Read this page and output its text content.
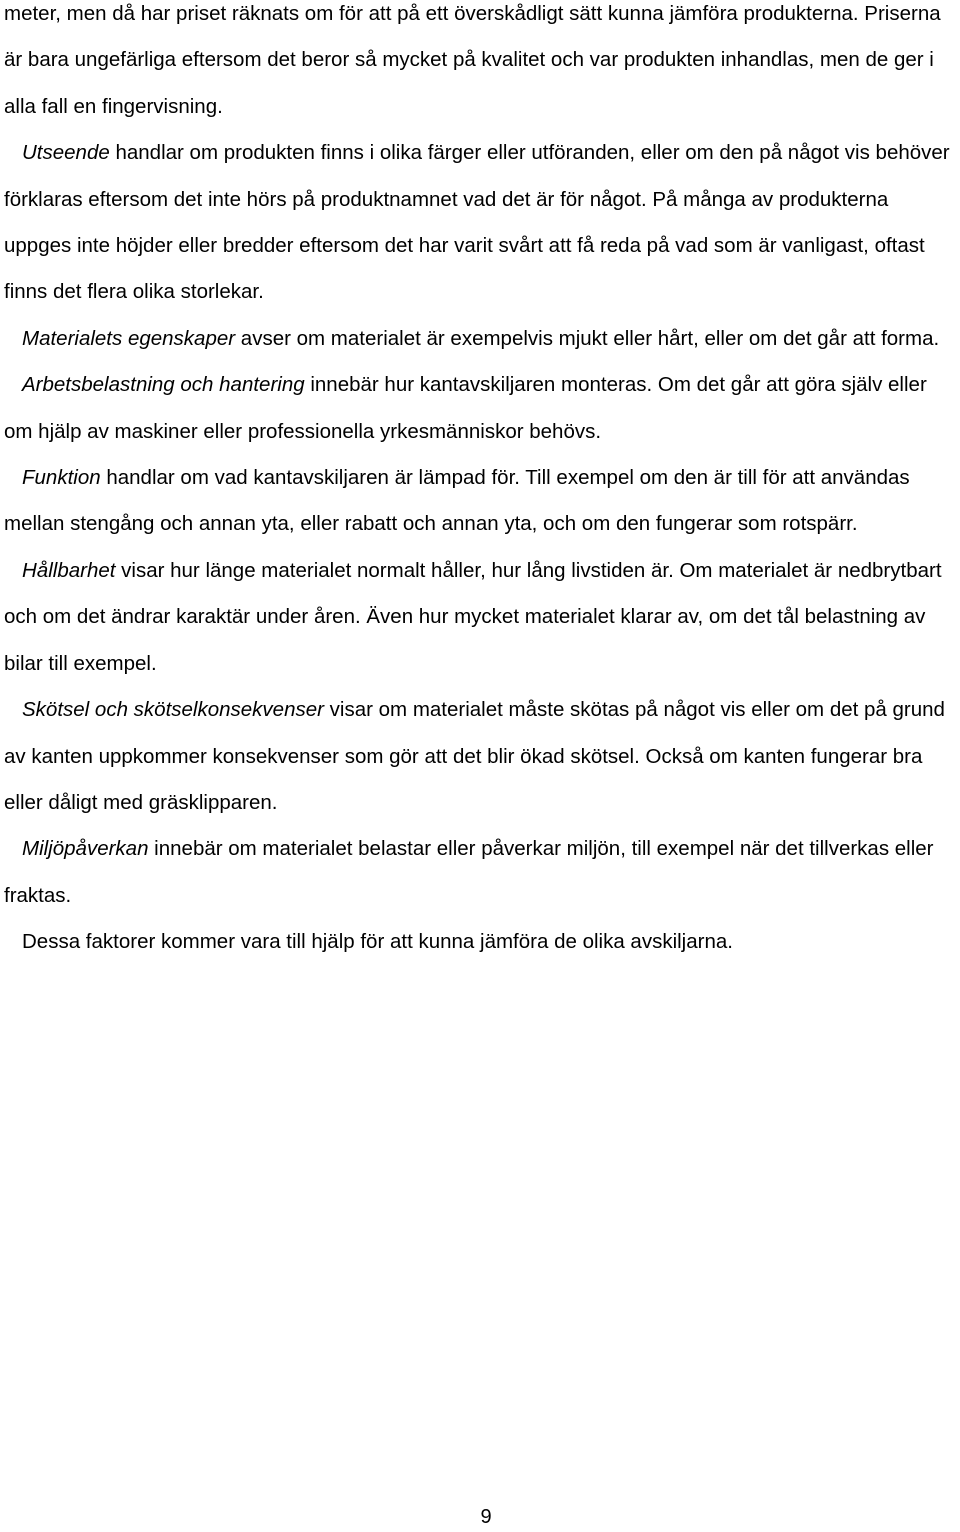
meter, men då har priset räknats om för att på ett överskådligt sätt kunna jämföra produkterna. Priserna är bara ungefärliga eftersom det beror så mycket på kvalitet och var produkten inhandlas, men de ger i alla fall en fingervisning.

Utseende handlar om produkten finns i olika färger eller utföranden, eller om den på något vis behöver förklaras eftersom det inte hörs på produktnamnet vad det är för något. På många av produkterna uppges inte höjder eller bredder eftersom det har varit svårt att få reda på vad som är vanligast, oftast finns det flera olika storlekar.

Materialets egenskaper avser om materialet är exempelvis mjukt eller hårt, eller om det går att forma.

Arbetsbelastning och hantering innebär hur kantavskiljaren monteras. Om det går att göra själv eller om hjälp av maskiner eller professionella yrkesmänniskor behövs.

Funktion handlar om vad kantavskiljaren är lämpad för. Till exempel om den är till för att användas mellan stengång och annan yta, eller rabatt och annan yta, och om den fungerar som rotspärr.

Hållbarhet visar hur länge materialet normalt håller, hur lång livstiden är. Om materialet är nedbrytbart och om det ändrar karaktär under åren. Även hur mycket materialet klarar av, om det tål belastning av bilar till exempel.

Skötsel och skötselkonsekvenser visar om materialet måste skötas på något vis eller om det på grund av kanten uppkommer konsekvenser som gör att det blir ökad skötsel. Också om kanten fungerar bra eller dåligt med gräsklipparen.

Miljöpåverkan innebär om materialet belastar eller påverkar miljön, till exempel när det tillverkas eller fraktas.

Dessa faktorer kommer vara till hjälp för att kunna jämföra de olika avskiljarna.

9
